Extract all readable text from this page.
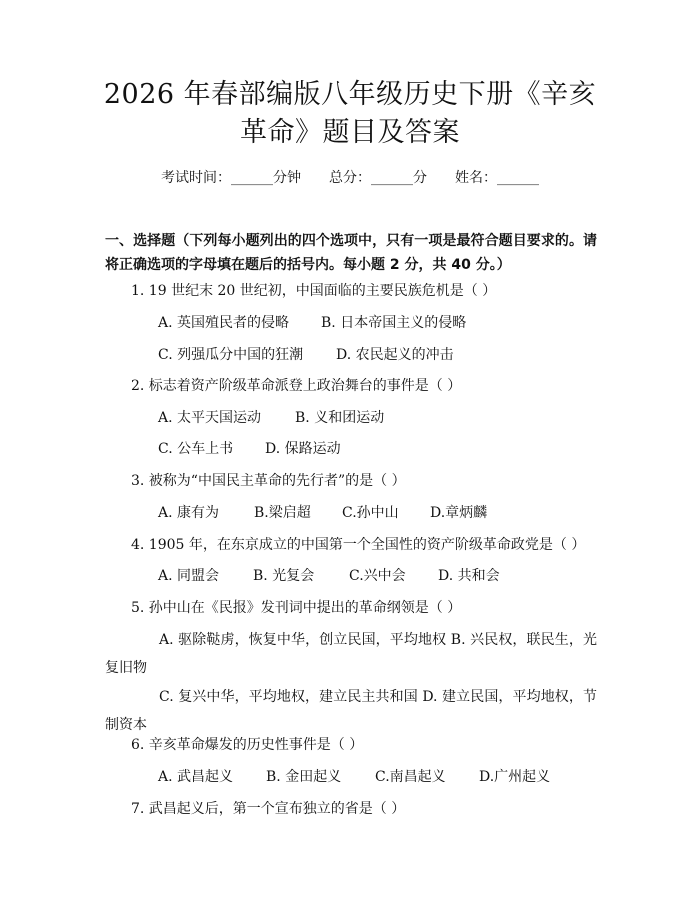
2026 年春部编版八年级历史下册《辛亥革命》题目及答案
考试时间：______分钟 总分：______分 姓名：______
一、选择题（下列每小题列出的四个选项中，只有一项是最符合题目要求的。请将正确选项的字母填在题后的括号内。每小题 2 分，共 40 分。）
1. 19 世纪末 20 世纪初，中国面临的主要民族危机是（ ）
A. 英国殖民者的侵略 B. 日本帝国主义的侵略
C. 列强瓜分中国的狂潮 D. 农民起义的冲击
2. 标志着资产阶级革命派登上政治舞台的事件是（ ）
A. 太平天国运动 B. 义和团运动
C. 公车上书 D. 保路运动
3. 被称为“中国民主革命的先行者”的是（ ）
A. 康有为 B.梁启超 C.孙中山 D.章炳麟
4. 1905 年，在东京成立的中国第一个全国性的资产阶级革命政党是（ ）
A. 同盟会 B. 光复会 C.兴中会 D. 共和会
5. 孙中山在《民报》发刊词中提出的革命纲领是（ ）
A. 驱除鞑虏，恢复中华，创立民国，平均地权 B. 兴民权，联民生，光复旧物
C. 复兴中华，平均地权，建立民主共和国 D. 建立民国，平均地权，节制资本
6. 辛亥革命爆发的历史性事件是（ ）
A. 武昌起义 B. 金田起义 C.南昌起义 D.广州起义
7. 武昌起义后，第一个宣布独立的省是（ ）
